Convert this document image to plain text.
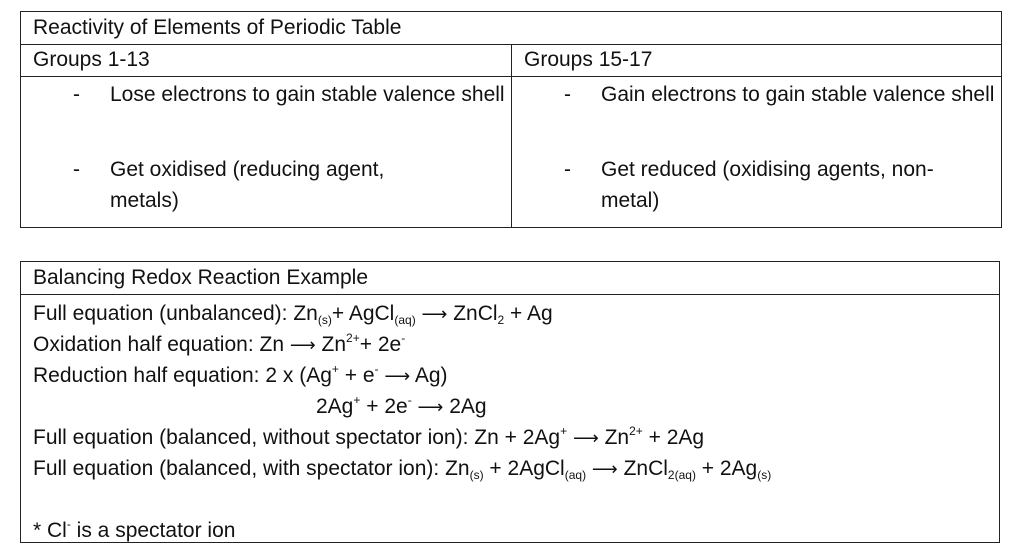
Reactivity of Elements of Periodic Table
Groups 1-13	Groups 15-17
- Lose electrons to gain stable valence shell
- Get oxidised (reducing agent, metals)
- Gain electrons to gain stable valence shell
- Get reduced (oxidising agents, non-metal)
Balancing Redox Reaction Example
Full equation (unbalanced): $Zn_{(s)}+$ AgCl$_{(aq)}$ ⟶ ZnCl$_2$ + Ag
Oxidation half equation: Zn ⟶ $Zn^{2+}+ 2e^-$
Reduction half equation: 2 x (Ag+ + e- ⟶ Ag)
2Ag+ + 2e- ⟶ 2Ag
Full equation (balanced, without spectator ion): Zn + 2Ag+ ⟶ $Zn^{2+} + 2Ag$
Full equation (balanced, with spectator ion): $Zn_{(s)}$ + 2AgCl$_{(aq)}$ ⟶ ZnCl$_{2(aq)}$ + $2Ag_{(s)}$
* Cl- is a spectator ion
